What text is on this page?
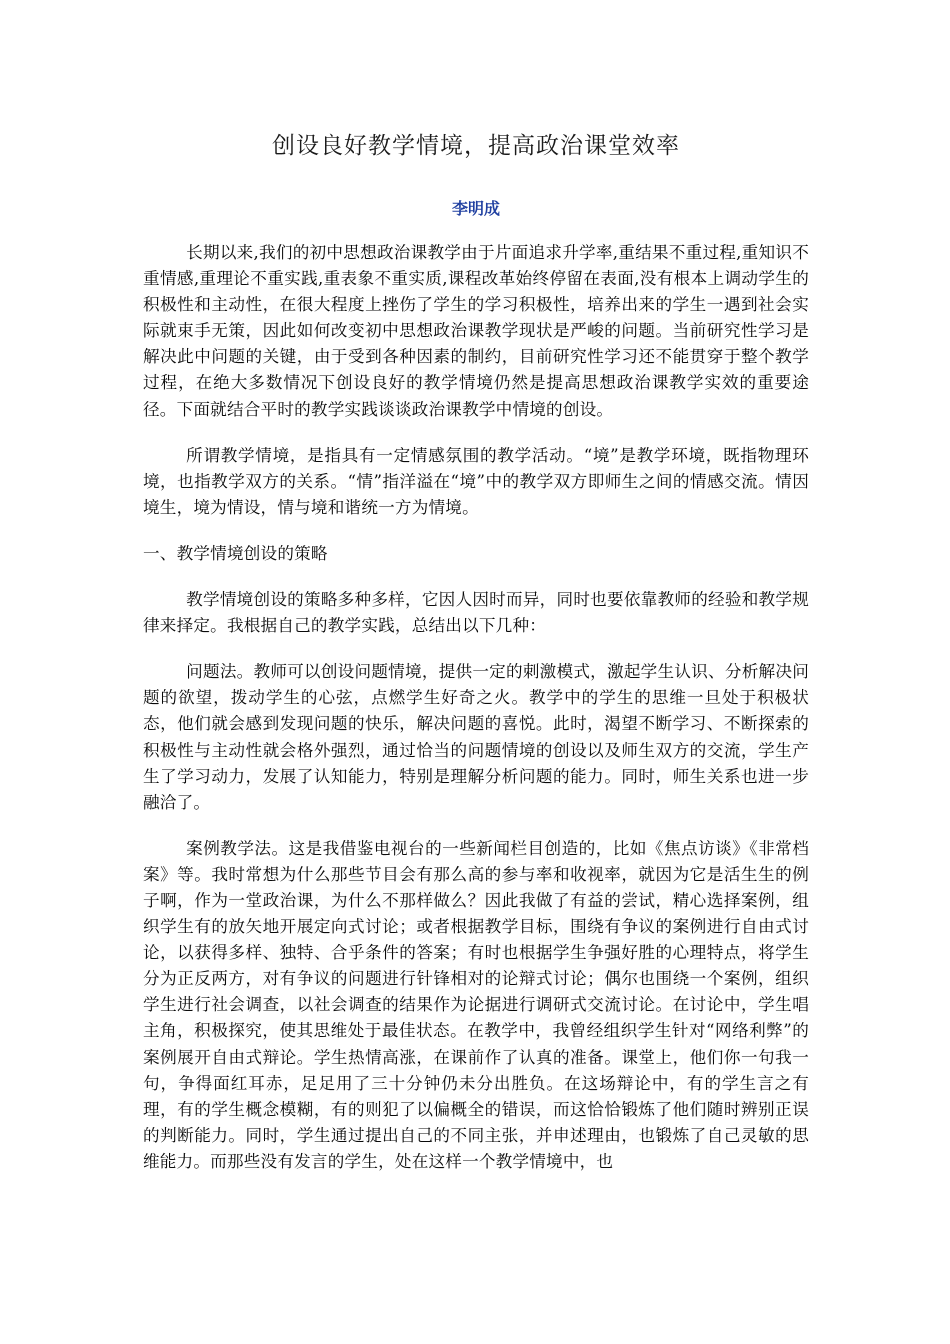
创设良好教学情境，提高政治课堂效率
李明成

长期以来,我们的初中思想政治课教学由于片面追求升学率,重结果不重过程,重知识不重情感,重理论不重实践,重表象不重实质,课程改革始终停留在表面,没有根本上调动学生的积极性和主动性，在很大程度上挫伤了学生的学习积极性，培养出来的学生一遇到社会实际就束手无策，因此如何改变初中思想政治课教学现状是严峻的问题。当前研究性学习是解决此中问题的关键，由于受到各种因素的制约，目前研究性学习还不能贯穿于整个教学过程，在绝大多数情况下创设良好的教学情境仍然是提高思想政治课教学实效的重要途径。下面就结合平时的教学实践谈谈政治课教学中情境的创设。

所谓教学情境，是指具有一定情感氛围的教学活动。“境”是教学环境，既指物理环境，也指教学双方的关系。“情”指洋溢在“境”中的教学双方即师生之间的情感交流。情因境生，境为情设，情与境和谐统一方为情境。

一、教学情境创设的策略

教学情境创设的策略多种多样，它因人因时而异，同时也要依靠教师的经验和教学规律来择定。我根据自己的教学实践，总结出以下几种：

问题法。教师可以创设问题情境，提供一定的刺激模式，激起学生认识、分析解决问题的欲望，拨动学生的心弦，点燃学生好奇之火。教学中的学生的思维一旦处于积极状态，他们就会感到发现问题的快乐，解决问题的喜悦。此时，渴望不断学习、不断探索的积极性与主动性就会格外强烈，通过恰当的问题情境的创设以及师生双方的交流，学生产生了学习动力，发展了认知能力，特别是理解分析问题的能力。同时，师生关系也进一步融洽了。

案例教学法。这是我借鉴电视台的一些新闻栏目创造的，比如《焦点访谈》《非常档案》等。我时常想为什么那些节目会有那么高的参与率和收视率，就因为它是活生生的例子啊，作为一堂政治课，为什么不那样做么？因此我做了有益的尝试，精心选择案例，组织学生有的放矢地开展定向式讨论；或者根据教学目标，围绕有争议的案例进行自由式讨论，以获得多样、独特、合乎条件的答案；有时也根据学生争强好胜的心理特点，将学生分为正反两方，对有争议的问题进行针锋相对的论辩式讨论；偶尔也围绕一个案例，组织学生进行社会调查，以社会调查的结果作为论据进行调研式交流讨论。在讨论中，学生唱主角，积极探究，使其思维处于最佳状态。在教学中，我曾经组织学生针对“网络利弊”的案例展开自由式辩论。学生热情高涨，在课前作了认真的准备。课堂上，他们你一句我一句，争得面红耳赤，足足用了三十分钟仍未分出胜负。在这场辩论中，有的学生言之有理，有的学生概念模糊，有的则犯了以偏概全的错误，而这恰恰锻炼了他们随时辨别正误的判断能力。同时，学生通过提出自己的不同主张，并申述理由，也锻炼了自己灵敏的思维能力。而那些没有发言的学生，处在这样一个教学情境中，也
